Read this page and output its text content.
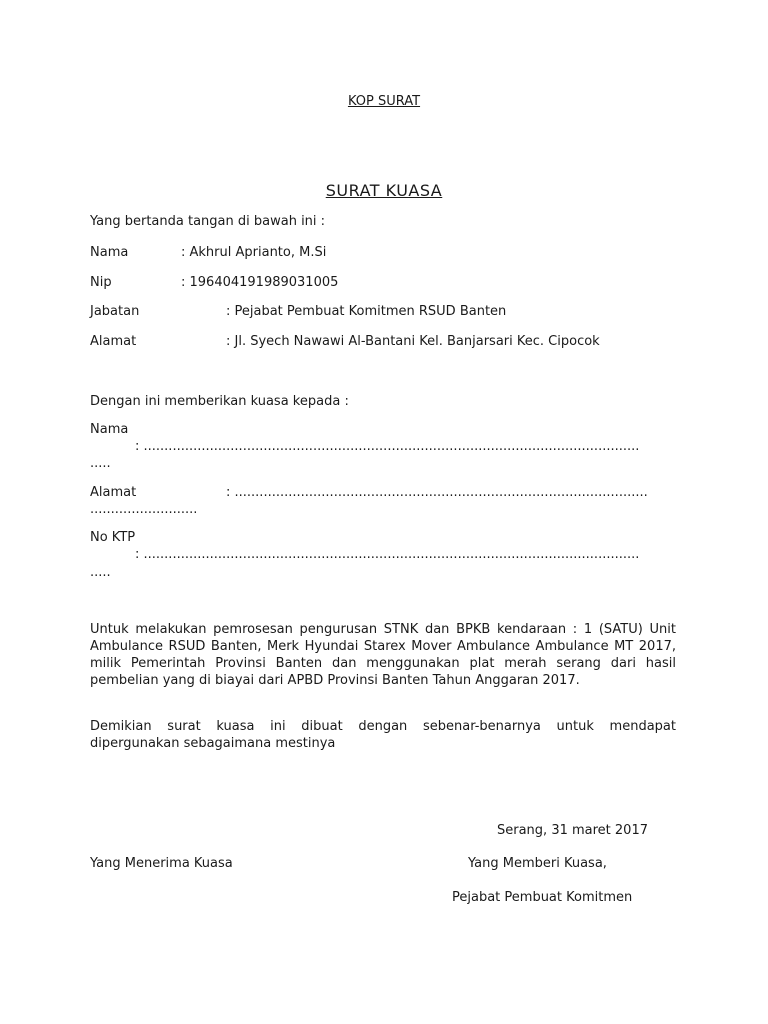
KOP SURAT
SURAT KUASA
Yang bertanda tangan di bawah ini :
Nama	: Akhrul Aprianto, M.Si
Nip	: 196404191989031005
Jabatan	: Pejabat Pembuat Komitmen RSUD Banten
Alamat	: Jl. Syech Nawawi Al-Bantani Kel. Banjarsari Kec. Cipocok
Dengan ini memberikan kuasa kepada :
Nama
: ........................................................................................................................
.....
Alamat	: ....................................................................................................
..........................
No KTP
: ........................................................................................................................
.....
Untuk melakukan pemrosesan pengurusan STNK dan BPKB kendaraan : 1 (SATU) Unit Ambulance RSUD Banten, Merk Hyundai Starex Mover Ambulance Ambulance MT 2017, milik Pemerintah Provinsi Banten dan menggunakan plat merah serang dari hasil pembelian yang di biayai dari APBD Provinsi Banten Tahun Anggaran 2017.
Demikian surat kuasa ini dibuat dengan sebenar-benarnya untuk mendapat dipergunakan sebagaimana mestinya
Serang, 31 maret 2017
Yang Menerima Kuasa	Yang Memberi Kuasa,
Pejabat Pembuat Komitmen
